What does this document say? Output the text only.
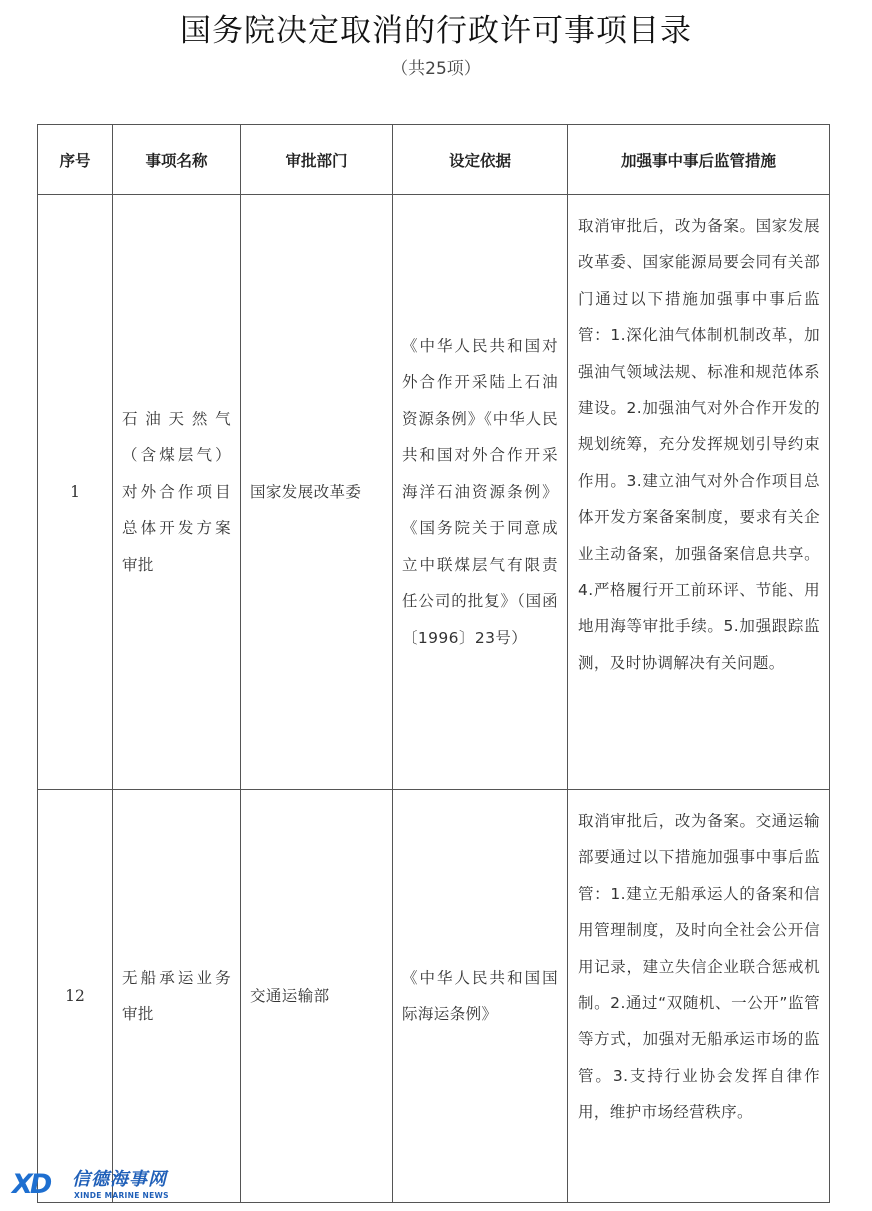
国务院决定取消的行政许可事项目录
（共25项）
序号	事项名称	审批部门	设定依据	加强事中事后监管措施
1	石油天然气（含煤层气）对外合作项目总体开发方案审批	国家发展改革委	《中华人民共和国对外合作开采陆上石油资源条例》《中华人民共和国对外合作开采海洋石油资源条例》《国务院关于同意成立中联煤层气有限责任公司的批复》（国函〔1996〕23号）	取消审批后，改为备案。国家发展改革委、国家能源局要会同有关部门通过以下措施加强事中事后监管：1.深化油气体制机制改革，加强油气领域法规、标准和规范体系建设。2.加强油气对外合作开发的规划统筹，充分发挥规划引导约束作用。3.建立油气对外合作项目总体开发方案备案制度，要求有关企业主动备案，加强备案信息共享。4.严格履行开工前环评、节能、用地用海等审批手续。5.加强跟踪监测，及时协调解决有关问题。

12	无船承运业务审批	交通运输部	《中华人民共和国国际海运条例》	取消审批后，改为备案。交通运输部要通过以下措施加强事中事后监管：1.建立无船承运人的备案和信用管理制度，及时向全社会公开信用记录，建立失信企业联合惩戒机制。2.通过“双随机、一公开”监管等方式，加强对无船承运市场的监管。3.支持行业协会发挥自律作用，维护市场经营秩序。
XD 信德海事网
XINDE MARINE NEWS
